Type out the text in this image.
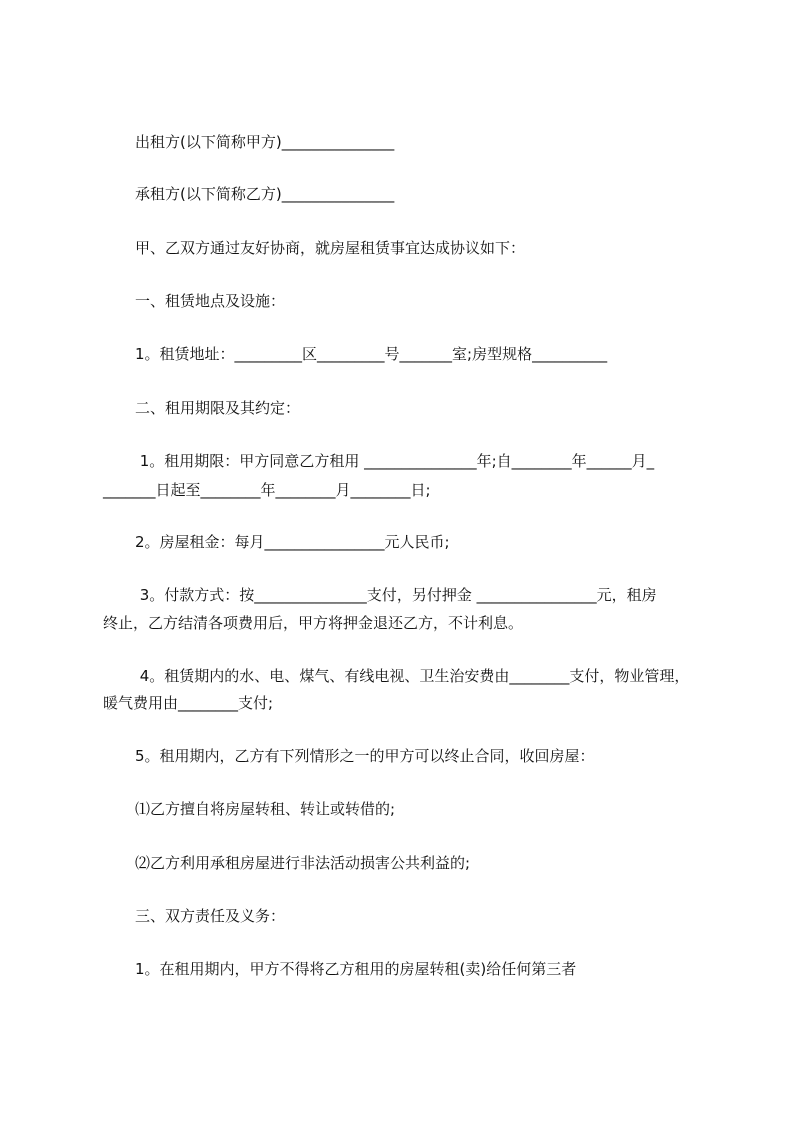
出租方(以下简称甲方)_______________
承租方(以下简称乙方)_______________
甲、乙双方通过友好协商，就房屋租赁事宜达成协议如下：
一、租赁地点及设施：
1。租赁地址：_________区_________号_______室;房型规格__________
二、租用期限及其约定：
1。租用期限：甲方同意乙方租用 _______________年;自________年______月_
_______日起至________年________月________日;
2。房屋租金：每月________________元人民币;
3。付款方式：按_______________支付，另付押金 ________________元，租房
终止，乙方结清各项费用后，甲方将押金退还乙方，不计利息。
4。租赁期内的水、电、煤气、有线电视、卫生治安费由________支付，物业管理，
暖气费用由________支付;
5。租用期内，乙方有下列情形之一的甲方可以终止合同，收回房屋：
⑴乙方擅自将房屋转租、转让或转借的;
⑵乙方利用承租房屋进行非法活动损害公共利益的;
三、双方责任及义务：
1。在租用期内，甲方不得将乙方租用的房屋转租(卖)给任何第三者
